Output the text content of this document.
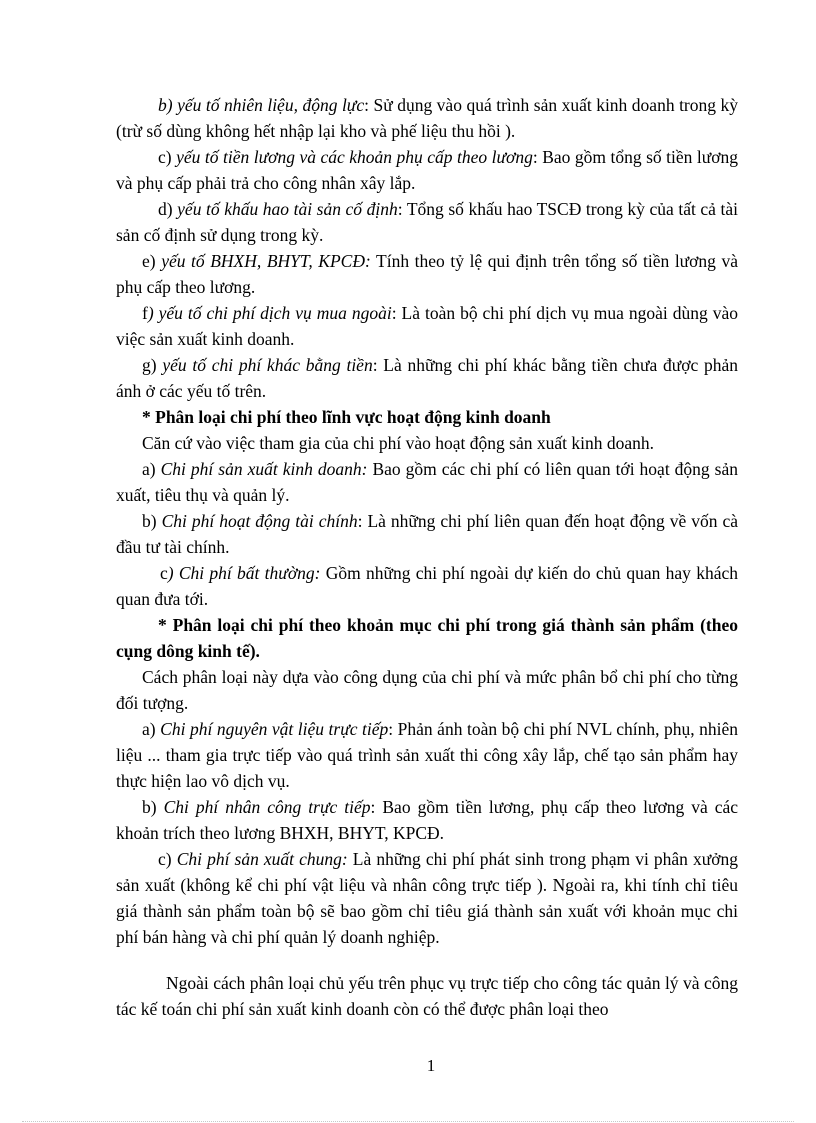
b) yếu tố nhiên liệu, động lực: Sử dụng vào quá trình sản xuất kinh doanh trong kỳ (trừ số dùng không hết nhập lại kho và phế liệu thu hồi ).

c) yếu tố tiền lương và các khoản phụ cấp theo lương: Bao gồm tổng số tiền lương và phụ cấp phải trả cho công nhân xây lắp.

d) yếu tố khấu hao tài sản cố định: Tổng số khấu hao TSCĐ trong kỳ của tất cả tài sản cố định sử dụng trong kỳ.

e) yếu tố BHXH, BHYT, KPCĐ: Tính theo tỷ lệ qui định trên tổng số tiền lương và phụ cấp theo lương.

f) yếu tố chi phí dịch vụ mua ngoài: Là toàn bộ chi phí dịch vụ mua ngoài dùng vào việc sản xuất kinh doanh.

g) yếu tố chi phí khác bằng tiền: Là những chi phí khác bằng tiền chưa được phản ánh ở các yếu tố trên.

* Phân loại chi phí theo lĩnh vực hoạt động kinh doanh

Căn cứ vào việc tham gia của chi phí vào hoạt động sản xuất kinh doanh.

a) Chi phí sản xuất kinh doanh: Bao gồm các chi phí có liên quan tới hoạt động sản xuất, tiêu thụ và quản lý.

b) Chi phí hoạt động tài chính: Là những chi phí liên quan đến hoạt động về vốn cà đầu tư tài chính.

c) Chi phí bất thường: Gồm những chi phí ngoài dự kiến do chủ quan hay khách quan đưa tới.

* Phân loại chi phí theo khoản mục chi phí trong giá thành sản phẩm (theo cụng dông kinh tế).

Cách phân loại này dựa vào công dụng của chi phí và mức phân bổ chi phí cho từng đối tượng.

a) Chi phí nguyên vật liệu trực tiếp: Phản ánh toàn bộ chi phí NVL chính, phụ, nhiên liệu ... tham gia trực tiếp vào quá trình sản xuất thi công xây lắp, chế tạo sản phẩm hay thực hiện lao vô dịch vụ.

b) Chi phí nhân công trực tiếp: Bao gồm tiền lương, phụ cấp theo lương và các khoản trích theo lương BHXH, BHYT, KPCĐ.

c) Chi phí sản xuất chung: Là những chi phí phát sinh trong phạm vi phân xưởng sản xuất (không kể chi phí vật liệu và nhân công trực tiếp ). Ngoài ra, khi tính chỉ tiêu giá thành sản phẩm toàn bộ sẽ bao gồm chỉ tiêu giá thành sản xuất với khoản mục chi phí bán hàng và chi phí quản lý doanh nghiệp.

Ngoài cách phân loại chủ yếu trên phục vụ trực tiếp cho công tác quản lý và công tác kế toán chi phí sản xuất kinh doanh còn có thể được phân loại theo

1
